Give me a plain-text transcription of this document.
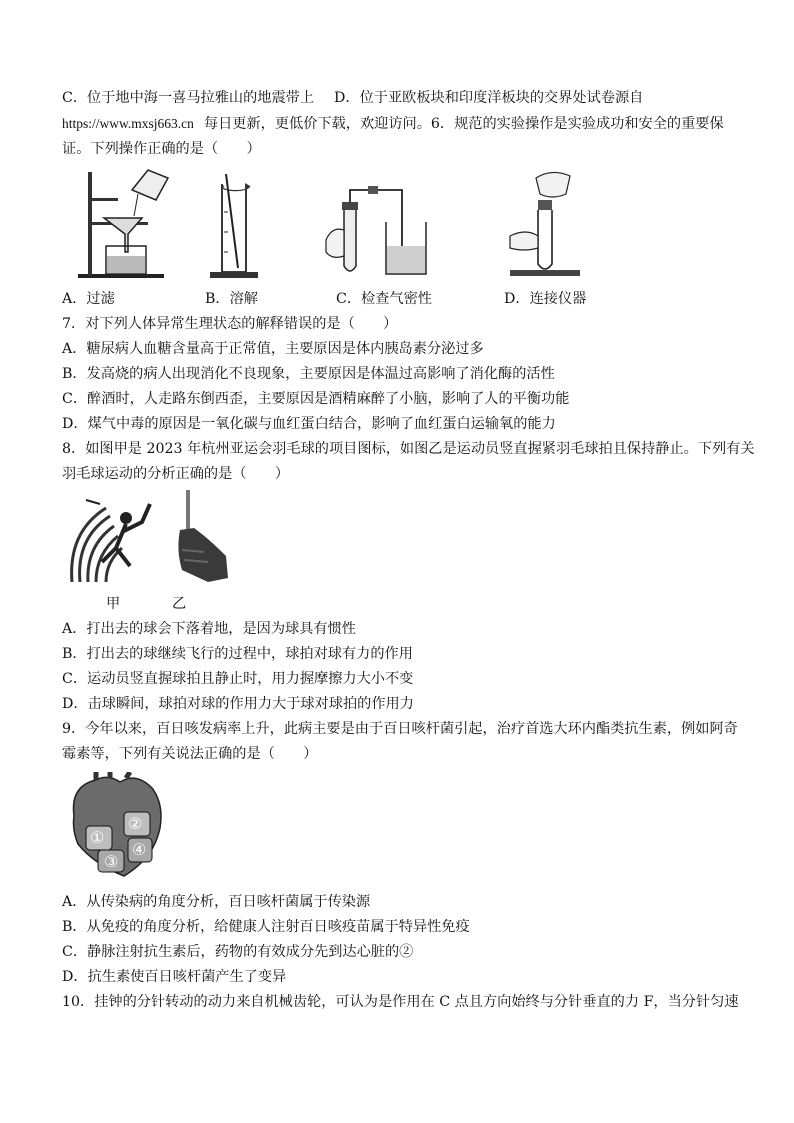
C．位于地中海一喜马拉雅山的地震带上 D．位于亚欧板块和印度洋板块的交界处试卷源自
https://www.mxsj663.cn 每日更新，更低价下载，欢迎访问。6．规范的实验操作是实验成功和安全的重要保
证。下列操作正确的是（　　）
A．过滤	B．溶解	C．检查气密性	D．连接仪器
7．对下列人体异常生理状态的解释错误的是（　　）
A．糖尿病人血糖含量高于正常值，主要原因是体内胰岛素分泌过多
B．发高烧的病人出现消化不良现象，主要原因是体温过高影响了消化酶的活性
C．醉酒时，人走路东倒西歪，主要原因是酒精麻醉了小脑，影响了人的平衡功能
D．煤气中毒的原因是一氧化碳与血红蛋白结合，影响了血红蛋白运输氧的能力
8．如图甲是 2023 年杭州亚运会羽毛球的项目图标，如图乙是运动员竖直握紧羽毛球拍且保持静止。下列有关
羽毛球运动的分析正确的是（　　）
甲	乙
A．打出去的球会下落着地，是因为球具有惯性
B．打出去的球继续飞行的过程中，球拍对球有力的作用
C．运动员竖直握球拍且静止时，用力握摩擦力大小不变
D．击球瞬间，球拍对球的作用力大于球对球拍的作用力
9．今年以来，百日咳发病率上升，此病主要是由于百日咳杆菌引起，治疗首选大环内酯类抗生素，例如阿奇
霉素等，下列有关说法正确的是（　　）
①
②
③
④
A．从传染病的角度分析，百日咳杆菌属于传染源
B．从免疫的角度分析，给健康人注射百日咳疫苗属于特异性免疫
C．静脉注射抗生素后，药物的有效成分先到达心脏的②
D．抗生素使百日咳杆菌产生了变异
10．挂钟的分针转动的动力来自机械齿轮，可认为是作用在 C 点且方向始终与分针垂直的力 F，当分针匀速
